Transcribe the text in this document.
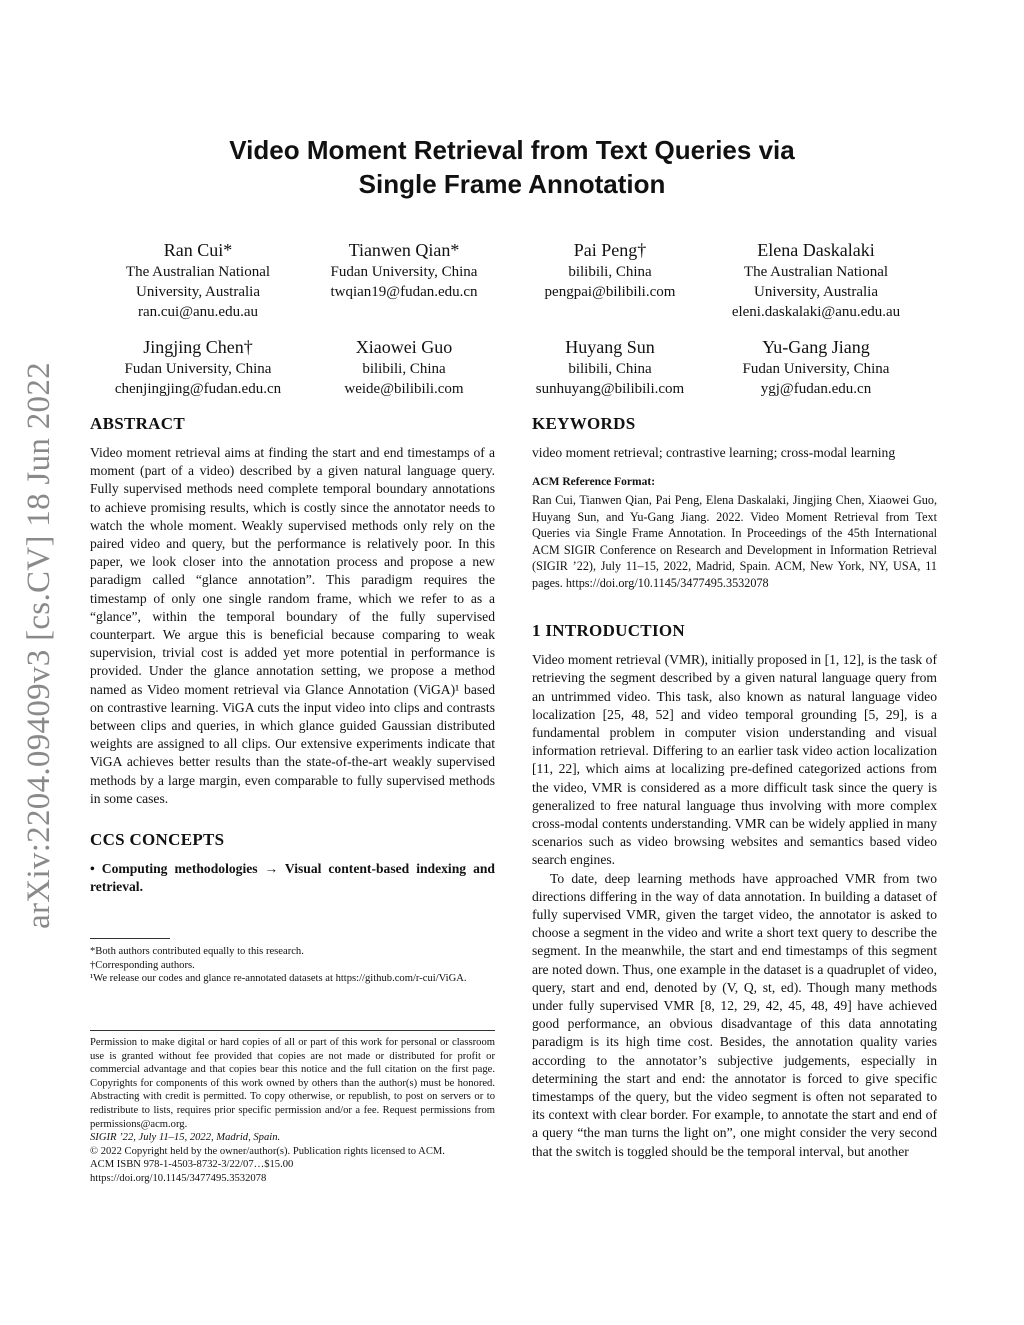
arXiv:2204.09409v3 [cs.CV] 18 Jun 2022
Video Moment Retrieval from Text Queries via
Single Frame Annotation
Ran Cui*
The Australian National
University, Australia
ran.cui@anu.edu.au
Tianwen Qian*
Fudan University, China
twqian19@fudan.edu.cn
Pai Peng†
bilibili, China
pengpai@bilibili.com
Elena Daskalaki
The Australian National
University, Australia
eleni.daskalaki@anu.edu.au
Jingjing Chen†
Fudan University, China
chenjingjing@fudan.edu.cn
Xiaowei Guo
bilibili, China
weide@bilibili.com
Huyang Sun
bilibili, China
sunhuyang@bilibili.com
Yu-Gang Jiang
Fudan University, China
ygj@fudan.edu.cn
ABSTRACT

Video moment retrieval aims at finding the start and end timestamps of a moment (part of a video) described by a given natural language query. Fully supervised methods need complete temporal boundary annotations to achieve promising results, which is costly since the annotator needs to watch the whole moment. Weakly supervised methods only rely on the paired video and query, but the performance is relatively poor. In this paper, we look closer into the annotation process and propose a new paradigm called “glance annotation”. This paradigm requires the timestamp of only one single random frame, which we refer to as a “glance”, within the temporal boundary of the fully supervised counterpart. We argue this is beneficial because comparing to weak supervision, trivial cost is added yet more potential in performance is provided. Under the glance annotation setting, we propose a method named as Video moment retrieval via Glance Annotation (ViGA)¹ based on contrastive learning. ViGA cuts the input video into clips and contrasts between clips and queries, in which glance guided Gaussian distributed weights are assigned to all clips. Our extensive experiments indicate that ViGA achieves better results than the state-of-the-art weakly supervised methods by a large margin, even comparable to fully supervised methods in some cases.

CCS CONCEPTS

• Computing methodologies → Visual content-based indexing and retrieval.

*Both authors contributed equally to this research.

†Corresponding authors.

¹We release our codes and glance re-annotated datasets at https://github.com/r-cui/ViGA.

Permission to make digital or hard copies of all or part of this work for personal or classroom use is granted without fee provided that copies are not made or distributed for profit or commercial advantage and that copies bear this notice and the full citation on the first page. Copyrights for components of this work owned by others than the author(s) must be honored. Abstracting with credit is permitted. To copy otherwise, or republish, to post on servers or to redistribute to lists, requires prior specific permission and/or a fee. Request permissions from permissions@acm.org.

SIGIR ’22, July 11–15, 2022, Madrid, Spain.

© 2022 Copyright held by the owner/author(s). Publication rights licensed to ACM.

ACM ISBN 978-1-4503-8732-3/22/07…$15.00

https://doi.org/10.1145/3477495.3532078

KEYWORDS

video moment retrieval; contrastive learning; cross-modal learning

ACM Reference Format:

Ran Cui, Tianwen Qian, Pai Peng, Elena Daskalaki, Jingjing Chen, Xiaowei Guo, Huyang Sun, and Yu-Gang Jiang. 2022. Video Moment Retrieval from Text Queries via Single Frame Annotation. In Proceedings of the 45th International ACM SIGIR Conference on Research and Development in Information Retrieval (SIGIR ’22), July 11–15, 2022, Madrid, Spain. ACM, New York, NY, USA, 11 pages. https://doi.org/10.1145/3477495.3532078

1 INTRODUCTION

Video moment retrieval (VMR), initially proposed in [1, 12], is the task of retrieving the segment described by a given natural language query from an untrimmed video. This task, also known as natural language video localization [25, 48, 52] and video temporal grounding [5, 29], is a fundamental problem in computer vision understanding and visual information retrieval. Differing to an earlier task video action localization [11, 22], which aims at localizing pre-defined categorized actions from the video, VMR is considered as a more difficult task since the query is generalized to free natural language thus involving with more complex cross-modal contents understanding. VMR can be widely applied in many scenarios such as video browsing websites and semantics based video search engines.

To date, deep learning methods have approached VMR from two directions differing in the way of data annotation. In building a dataset of fully supervised VMR, given the target video, the annotator is asked to choose a segment in the video and write a short text query to describe the segment. In the meanwhile, the start and end timestamps of this segment are noted down. Thus, one example in the dataset is a quadruplet of video, query, start and end, denoted by (V, Q, st, ed). Though many methods under fully supervised VMR [8, 12, 29, 42, 45, 48, 49] have achieved good performance, an obvious disadvantage of this data annotating paradigm is its high time cost. Besides, the annotation quality varies according to the annotator’s subjective judgements, especially in determining the start and end: the annotator is forced to give specific timestamps of the query, but the video segment is often not separated to its context with clear border. For example, to annotate the start and end of a query “the man turns the light on”, one might consider the very second that the switch is toggled should be the temporal interval, but another
